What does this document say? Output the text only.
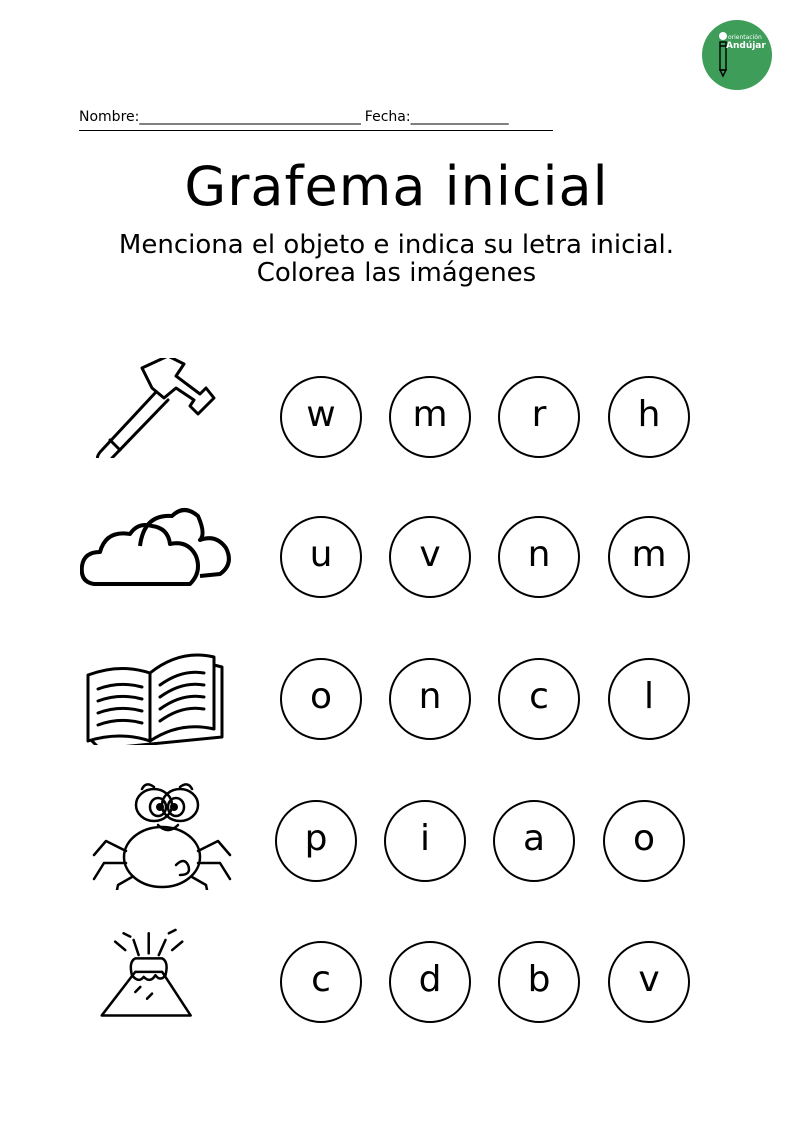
orientación
Andújar
Nombre:__________________________________ Fecha:_______________
Grafema inicial
Menciona el objeto e indica su letra inicial.
Colorea las imágenes
w	m	r	h
u	v	n	m
o	n	c	l
p	i	a	o
c	d	b	v
